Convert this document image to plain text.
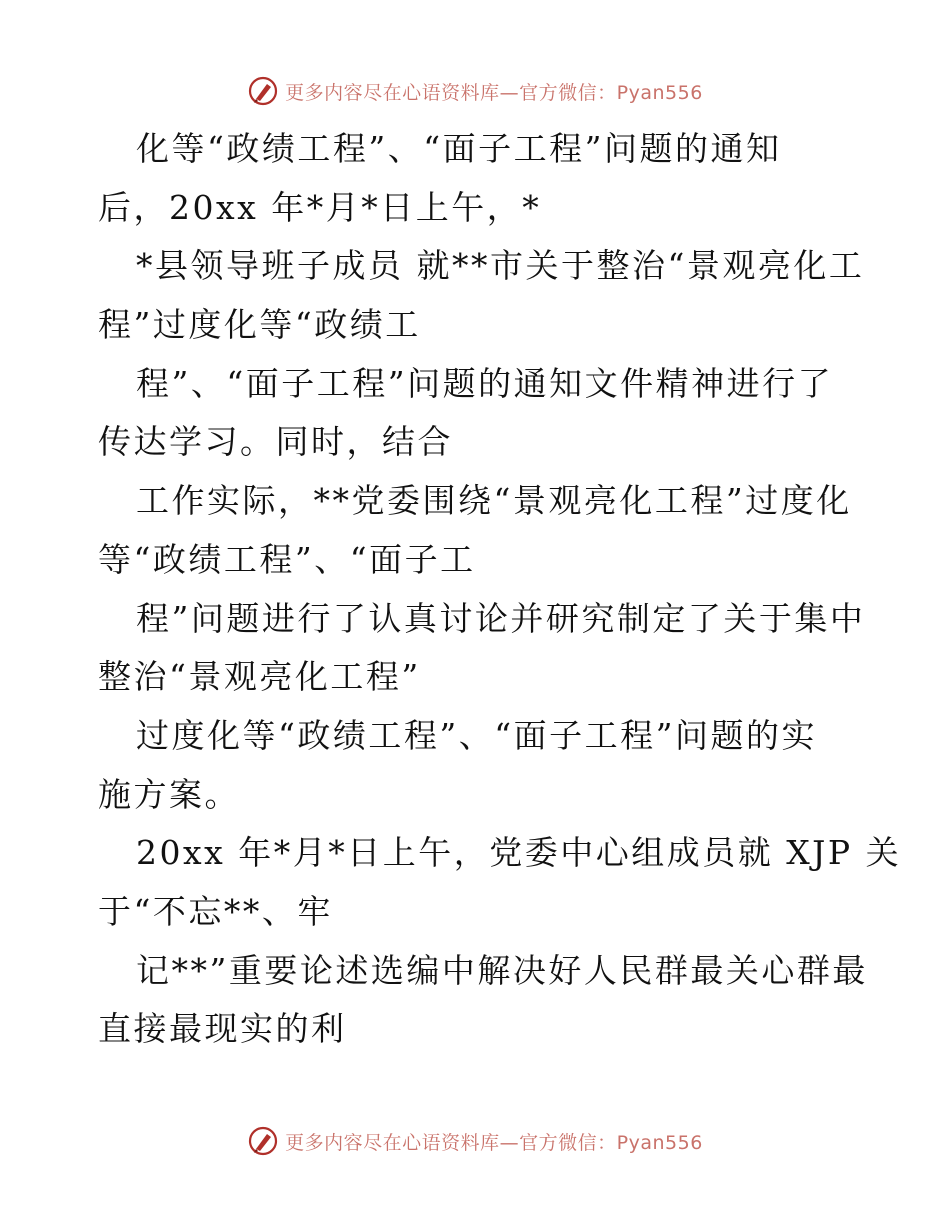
更多内容尽在心语资料库—官方微信：Pyan556
化等“政绩工程”、“面子工程”问题的通知
后，20xx 年*月*日上午，*
*县领导班子成员 就**市关于整治“景观亮化工
程”过度化等“政绩工
程”、“面子工程”问题的通知文件精神进行了
传达学习。同时，结合
工作实际，**党委围绕“景观亮化工程”过度化
等“政绩工程”、“面子工
程”问题进行了认真讨论并研究制定了关于集中
整治“景观亮化工程”
过度化等“政绩工程”、“面子工程”问题的实
施方案。
20xx 年*月*日上午，党委中心组成员就 XJP 关
于“不忘**、牢
记**”重要论述选编中解决好人民群最关心群最
直接最现实的利
更多内容尽在心语资料库—官方微信：Pyan556
